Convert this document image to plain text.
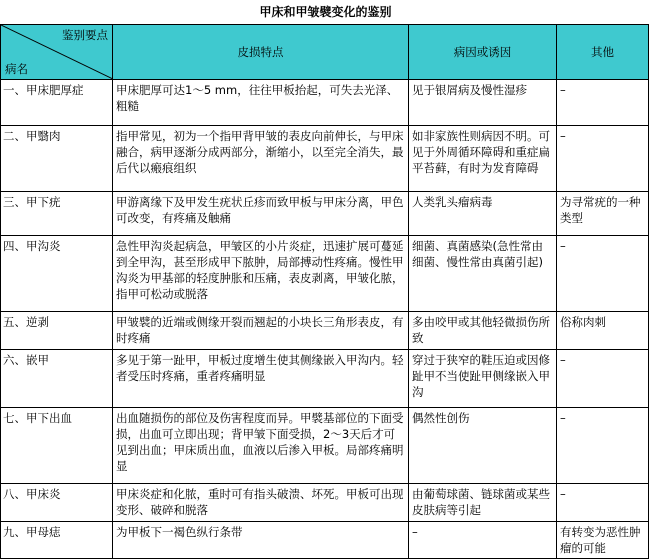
甲床和甲皱襞变化的鉴别
鉴别要点
病名	皮损特点	病因或诱因	其他
一、甲床肥厚症	甲床肥厚可达1～5 mm，往往甲板抬起，可失去光泽、粗糙	见于银屑病及慢性湿疹	–
二、甲翳肉	指甲常见，初为一个指甲背甲皱的表皮向前伸长，与甲床融合，病甲逐渐分成两部分，渐缩小，以至完全消失，最后代以瘢痕组织	如非家族性则病因不明。可见于外周循环障碍和重症扁平苔藓，有时为发育障碍	–
三、甲下疣	甲游离缘下及甲发生疣状丘疹而致甲板与甲床分离，甲色可改变，有疼痛及触痛	人类乳头瘤病毒	为寻常疣的一种类型
四、甲沟炎	急性甲沟炎起病急，甲皱区的小片炎症，迅速扩展可蔓延到全甲沟，甚至形成甲下脓肿，局部搏动性疼痛。慢性甲沟炎为甲基部的轻度肿胀和压痛，表皮剥离，甲皱化脓，指甲可松动或脱落	细菌、真菌感染(急性常由细菌、慢性常由真菌引起)	–
五、逆剥	甲皱襞的近端或侧缘开裂而翘起的小块长三角形表皮，有时疼痛	多由咬甲或其他轻微损伤所致	俗称肉刺
六、嵌甲	多见于第一趾甲，甲板过度增生使其侧缘嵌入甲沟内。轻者受压时疼痛，重者疼痛明显	穿过于狭窄的鞋压迫或因修趾甲不当使趾甲侧缘嵌入甲沟	–
七、甲下出血	出血随损伤的部位及伤害程度而异。甲襞基部位的下面受损，出血可立即出现；背甲皱下面受损，2～3天后才可见到出血；甲床质出血，血液以后渗入甲板。局部疼痛明显	偶然性创伤	–
八、甲床炎	甲床炎症和化脓，重时可有指头破溃、坏死。甲板可出现变形、破碎和脱落	由葡萄球菌、链球菌或某些皮肤病等引起	–
九、甲母痣	为甲板下一褐色纵行条带	–	有转变为恶性肿瘤的可能
